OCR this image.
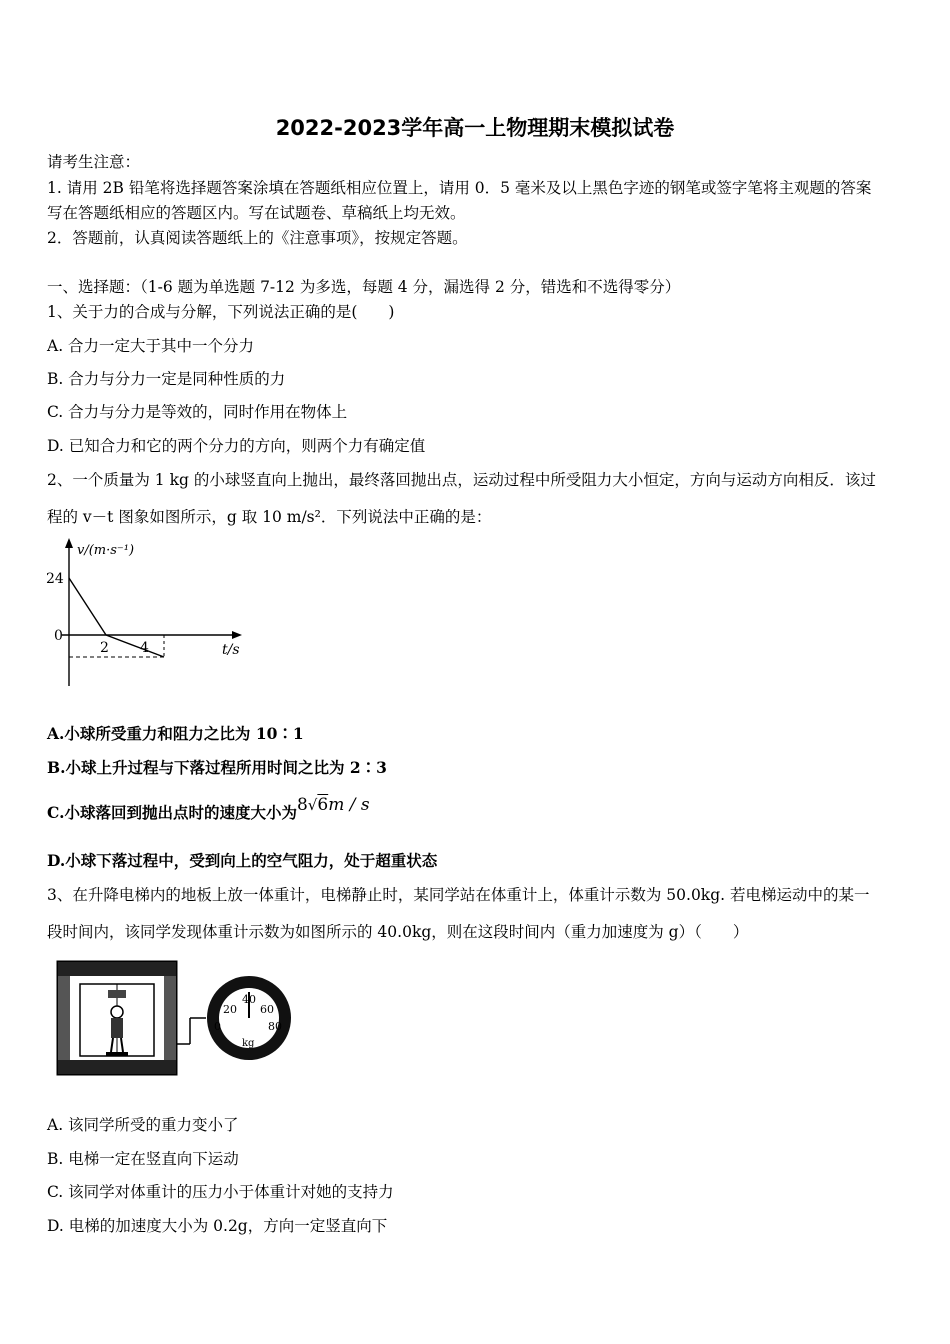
2022-2023学年高一上物理期末模拟试卷
请考生注意：
1. 请用 2B 铅笔将选择题答案涂填在答题纸相应位置上，请用 0．5 毫米及以上黑色字迹的钢笔或签字笔将主观题的答案
写在答题纸相应的答题区内。写在试题卷、草稿纸上均无效。
2．答题前，认真阅读答题纸上的《注意事项》，按规定答题。
一、选择题：（1-6 题为单选题 7-12 为多选，每题 4 分，漏选得 2 分，错选和不选得零分）
1、关于力的合成与分解，下列说法正确的是(　　)
A. 合力一定大于其中一个分力
B. 合力与分力一定是同种性质的力
C. 合力与分力是等效的，同时作用在物体上
D. 已知合力和它的两个分力的方向，则两个力有确定值
2、一个质量为 1 kg 的小球竖直向上抛出，最终落回抛出点，运动过程中所受阻力大小恒定，方向与运动方向相反．该过
程的 v－t 图象如图所示，g 取 10 m/s²．下列说法中正确的是：
v/(m·s⁻¹)
24
0
2 4	t/s
A.小球所受重力和阻力之比为 10∶1
B.小球上升过程与下落过程所用时间之比为 2∶3
C.小球落回到抛出点时的速度大小为8√6m / s
D.小球下落过程中，受到向上的空气阻力，处于超重状态
3、在升降电梯内的地板上放一体重计，电梯静止时，某同学站在体重计上，体重计示数为 50.0kg. 若电梯运动中的某一
段时间内，该同学发现体重计示数为如图所示的 40.0kg，则在这段时间内（重力加速度为 g）（　　）
0
20
40
60
80
kg
A. 该同学所受的重力变小了
B. 电梯一定在竖直向下运动
C. 该同学对体重计的压力小于体重计对她的支持力
D. 电梯的加速度大小为 0.2g，方向一定竖直向下
